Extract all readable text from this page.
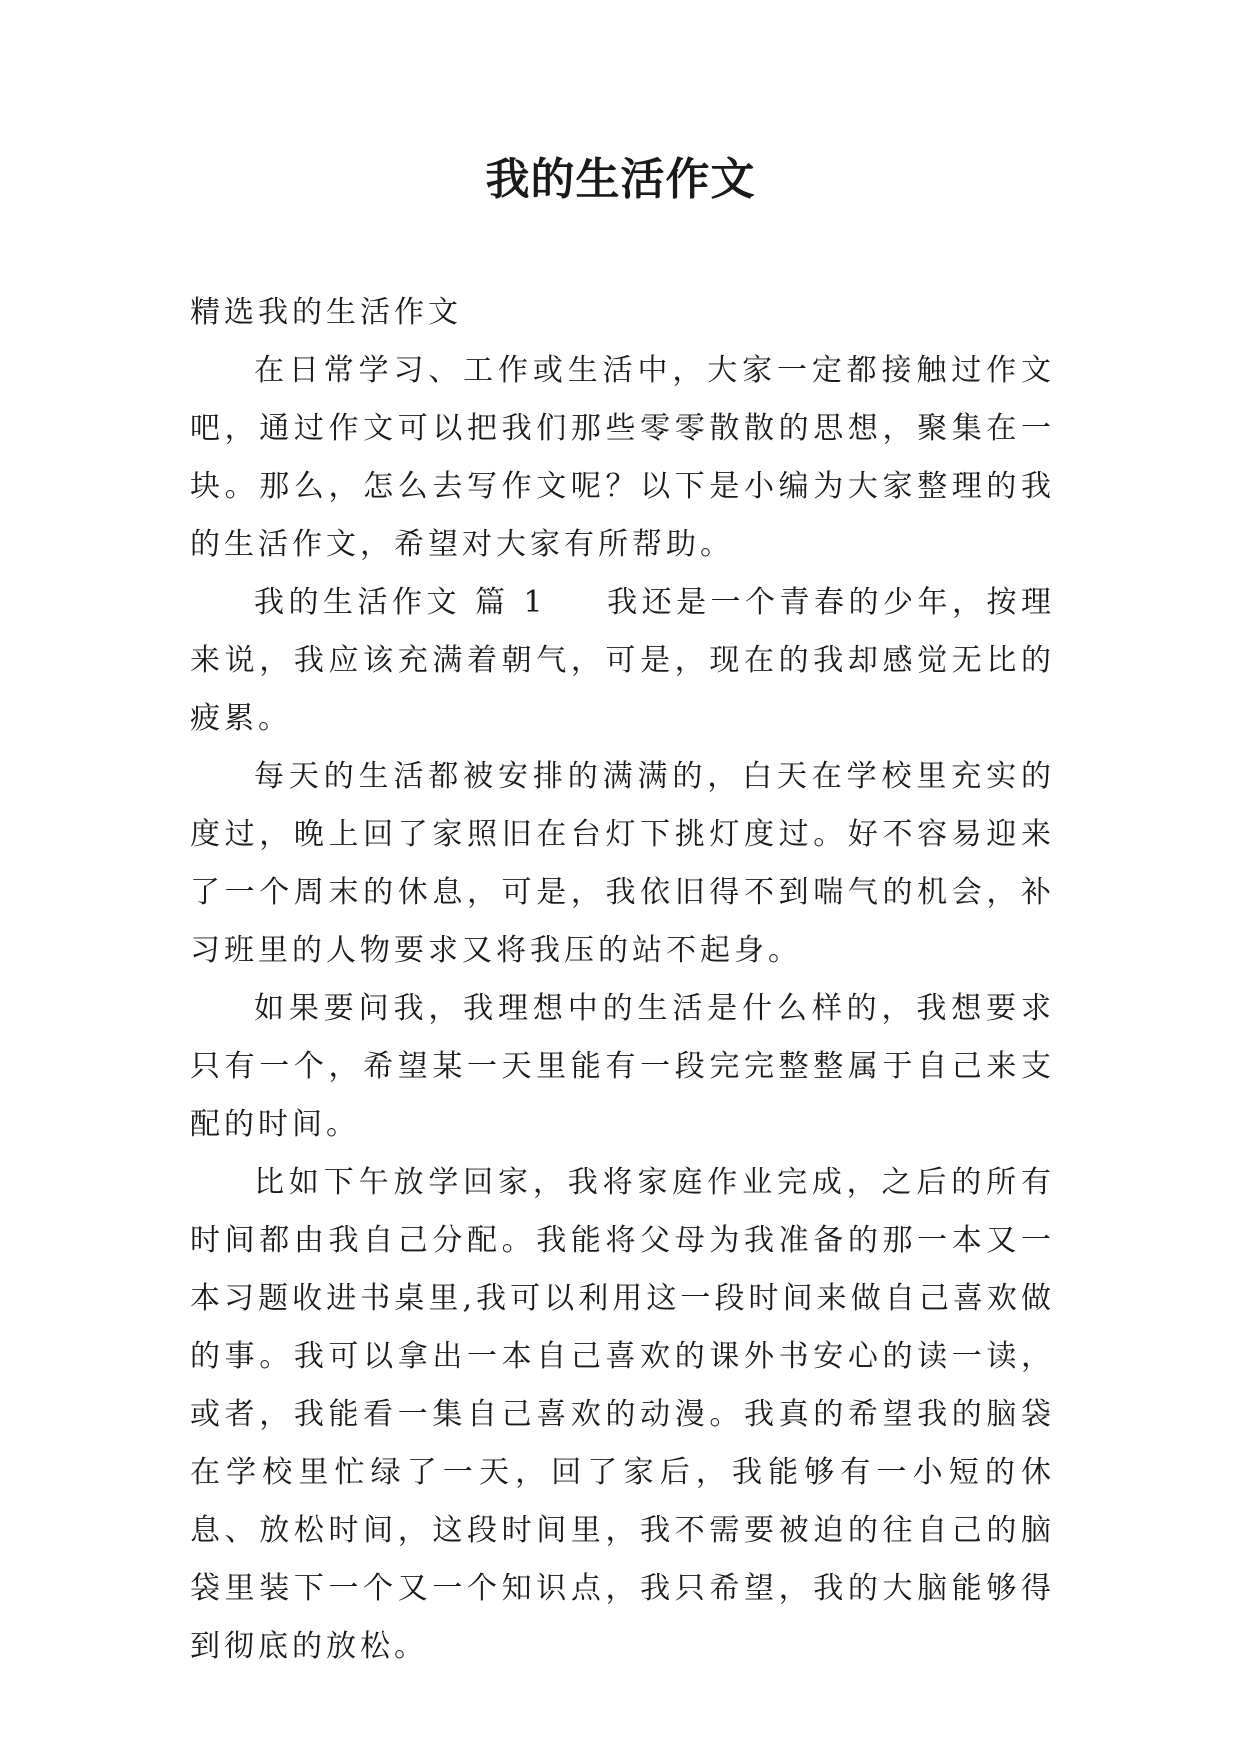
我的生活作文

精选我的生活作文

在日常学习、工作或生活中，大家一定都接触过作文吧，通过作文可以把我们那些零零散散的思想，聚集在一块。那么，怎么去写作文呢？以下是小编为大家整理的我的生活作文，希望对大家有所帮助。

我的生活作文 篇 1 我还是一个青春的少年，按理来说，我应该充满着朝气，可是，现在的我却感觉无比的疲累。

每天的生活都被安排的满满的，白天在学校里充实的度过，晚上回了家照旧在台灯下挑灯度过。好不容易迎来了一个周末的休息，可是，我依旧得不到喘气的机会，补习班里的人物要求又将我压的站不起身。

如果要问我，我理想中的生活是什么样的，我想要求只有一个，希望某一天里能有一段完完整整属于自己来支配的时间。

比如下午放学回家，我将家庭作业完成，之后的所有时间都由我自己分配。我能将父母为我准备的那一本又一本习题收进书桌里,我可以利用这一段时间来做自己喜欢做的事。我可以拿出一本自己喜欢的课外书安心的读一读，或者，我能看一集自己喜欢的动漫。我真的希望我的脑袋在学校里忙绿了一天，回了家后，我能够有一小短的休息、放松时间，这段时间里，我不需要被迫的往自己的脑袋里装下一个又一个知识点，我只希望，我的大脑能够得到彻底的放松。
